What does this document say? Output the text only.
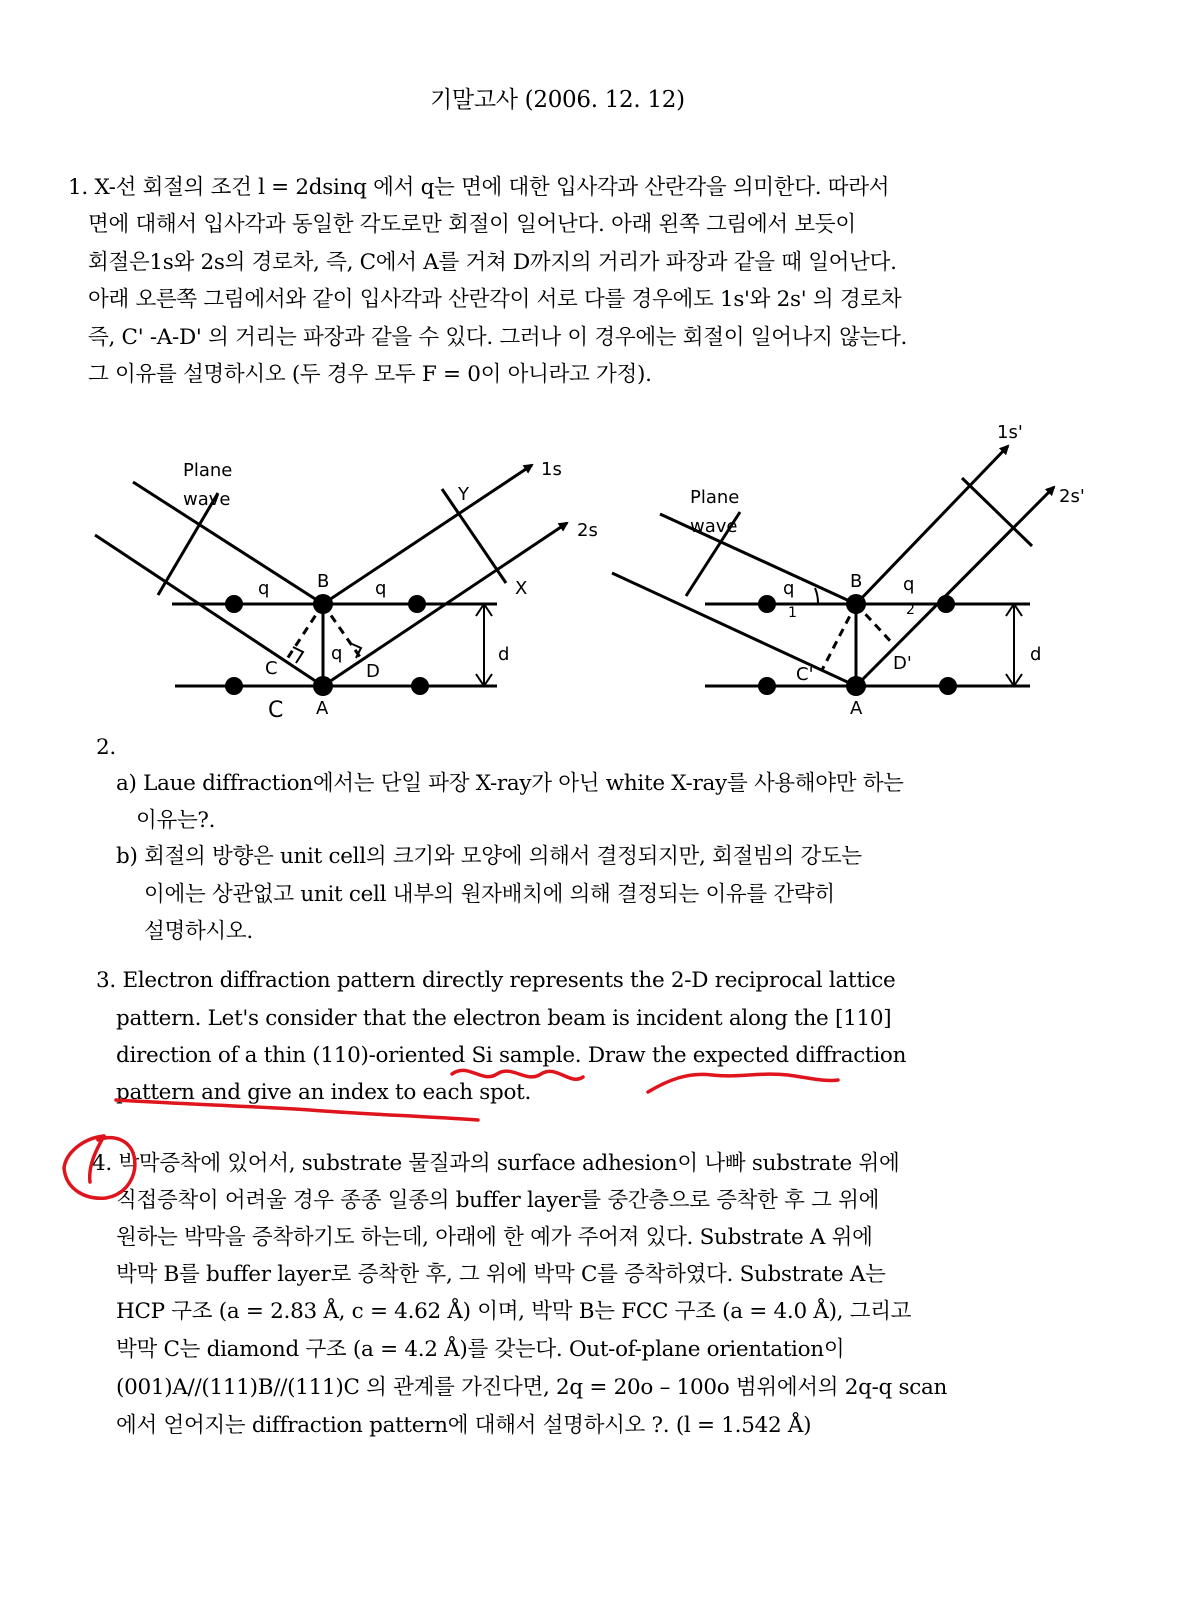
기말고사 (2006. 12. 12)
1. X-선 회절의 조건 l = 2dsinq 에서 q는 면에 대한 입사각과 산란각을 의미한다. 따라서
면에 대해서 입사각과 동일한 각도로만 회절이 일어난다. 아래 왼쪽 그림에서 보듯이
회절은1s와 2s의 경로차, 즉, C에서 A를 거쳐 D까지의 거리가 파장과 같을 때 일어난다.
아래 오른쪽 그림에서와 같이 입사각과 산란각이 서로 다를 경우에도 1s'와 2s' 의 경로차
즉, C' -A-D' 의 거리는 파장과 같을 수 있다. 그러나 이 경우에는 회절이 일어나지 않는다.
그 이유를 설명하시오 (두 경우 모두 F = 0이 아니라고 가정).
Plane
wave
1s
2s
Y
X
B
q	q
q
C	D
A
d
C
Plane
wave
1s'
2s'
B
q
1
q
2
C'
D'
A
d
2.
a) Laue diffraction에서는 단일 파장 X-ray가 아닌 white X-ray를 사용해야만 하는
이유는?.
b) 회절의 방향은 unit cell의 크기와 모양에 의해서 결정되지만, 회절빔의 강도는
이에는 상관없고 unit cell 내부의 원자배치에 의해 결정되는 이유를 간략히
설명하시오.
3. Electron diffraction pattern directly represents the 2-D reciprocal lattice
pattern. Let's consider that the electron beam is incident along the [110]
direction of a thin (110)-oriented Si sample. Draw the expected diffraction
pattern and give an index to each spot.
4. 박막증착에 있어서, substrate 물질과의 surface adhesion이 나빠 substrate 위에
직접증착이 어려울 경우 종종 일종의 buffer layer를 중간층으로 증착한 후 그 위에
원하는 박막을 증착하기도 하는데, 아래에 한 예가 주어져 있다. Substrate A 위에
박막 B를 buffer layer로 증착한 후, 그 위에 박막 C를 증착하였다. Substrate A는
HCP 구조 (a = 2.83 Å, c = 4.62 Å) 이며, 박막 B는 FCC 구조 (a = 4.0 Å), 그리고
박막 C는 diamond 구조 (a = 4.2 Å)를 갖는다. Out-of-plane orientation이
(001)A//(111)B//(111)C 의 관계를 가진다면, 2q = 20o – 100o 범위에서의 2q-q scan
에서 얻어지는 diffraction pattern에 대해서 설명하시오 ?. (l = 1.542 Å)
